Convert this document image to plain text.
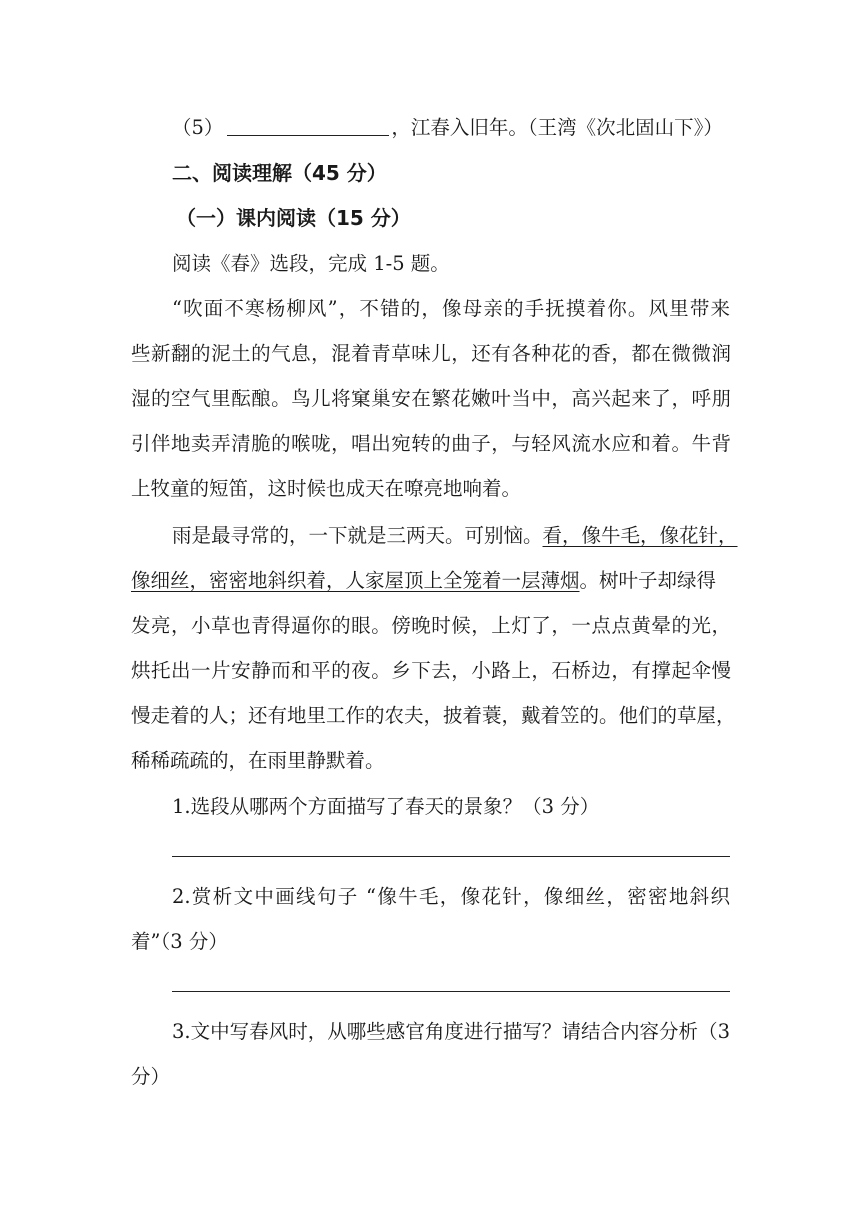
（5）	，江春入旧年。（王湾《次北固山下》）
二、阅读理解（45 分）
（一）课内阅读（15 分）
阅读《春》选段，完成 1-5 题。
“吹面不寒杨柳风”，不错的，像母亲的手抚摸着你。风里带来
些新翻的泥土的气息，混着青草味儿，还有各种花的香，都在微微润
湿的空气里酝酿。鸟儿将窠巢安在繁花嫩叶当中，高兴起来了，呼朋
引伴地卖弄清脆的喉咙，唱出宛转的曲子，与轻风流水应和着。牛背
上牧童的短笛，这时候也成天在嘹亮地响着。
雨是最寻常的，一下就是三两天。可别恼。看，像牛毛，像花针，
像细丝，密密地斜织着，人家屋顶上全笼着一层薄烟。树叶子却绿得
发亮，小草也青得逼你的眼。傍晚时候，上灯了，一点点黄晕的光，
烘托出一片安静而和平的夜。乡下去，小路上，石桥边，有撑起伞慢
慢走着的人；还有地里工作的农夫，披着蓑，戴着笠的。他们的草屋，
稀稀疏疏的，在雨里静默着。
1.选段从哪两个方面描写了春天的景象？（3 分）
2.赏析文中画线句子 “像牛毛，像花针，像细丝，密密地斜织
着”（3 分）
3.文中写春风时，从哪些感官角度进行描写？请结合内容分析（3
分）
